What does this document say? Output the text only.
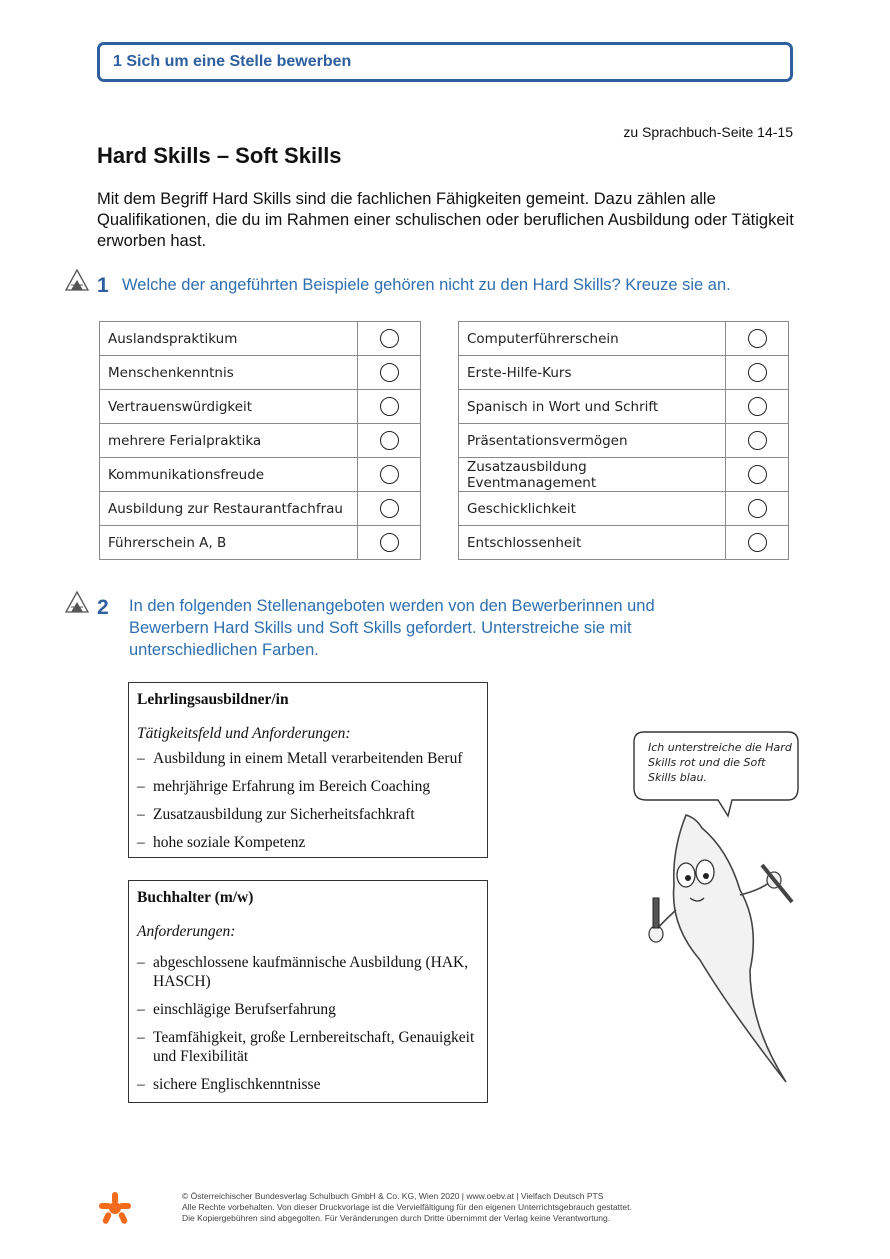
1 Sich um eine Stelle bewerben
zu Sprachbuch-Seite 14-15
Hard Skills – Soft Skills
Mit dem Begriff Hard Skills sind die fachlichen Fähigkeiten gemeint. Dazu zählen alle Qualifikationen, die du im Rahmen einer schulischen oder beruflichen Ausbildung oder Tätigkeit erworben hast.
1 Welche der angeführten Beispiele gehören nicht zu den Hard Skills? Kreuze sie an.
Auslandspraktikum	
Menschenkenntnis	
Vertrauenswürdigkeit	
mehrere Ferialpraktika	
Kommunikationsfreude	
Ausbildung zur Restaurantfachfrau	
Führerschein A, B	
Computerführerschein	
Erste-Hilfe-Kurs	
Spanisch in Wort und Schrift	
Präsentationsvermögen	
Zusatzausbildung Eventmanagement	
Geschicklichkeit	
Entschlossenheit	
2 In den folgenden Stellenangeboten werden von den Bewerberinnen und
Bewerbern Hard Skills und Soft Skills gefordert. Unterstreiche sie mit
unterschiedlichen Farben.
Lehrlingsausbildner/in
Tätigkeitsfeld und Anforderungen:
– Ausbildung in einem Metall verarbeitenden Beruf
– mehrjährige Erfahrung im Bereich Coaching
– Zusatzausbildung zur Sicherheitsfachkraft
– hohe soziale Kompetenz
Buchhalter (m/w)
Anforderungen:
– abgeschlossene kaufmännische Ausbildung (HAK, HASCH)
– einschlägige Berufserfahrung
– Teamfähigkeit, große Lernbereitschaft, Genauigkeit und Flexibilität
– sichere Englischkenntnisse
Ich unterstreiche die Hard Skills rot und die Soft Skills blau.
© Österreichischer Bundesverlag Schulbuch GmbH & Co. KG, Wien 2020 | www.oebv.at | Vielfach Deutsch PTS
Alle Rechte vorbehalten. Von dieser Druckvorlage ist die Vervielfältigung für den eigenen Unterrichtsgebrauch gestattet.
Die Kopiergebühren sind abgegolten. Für Veränderungen durch Dritte übernimmt der Verlag keine Verantwortung.
